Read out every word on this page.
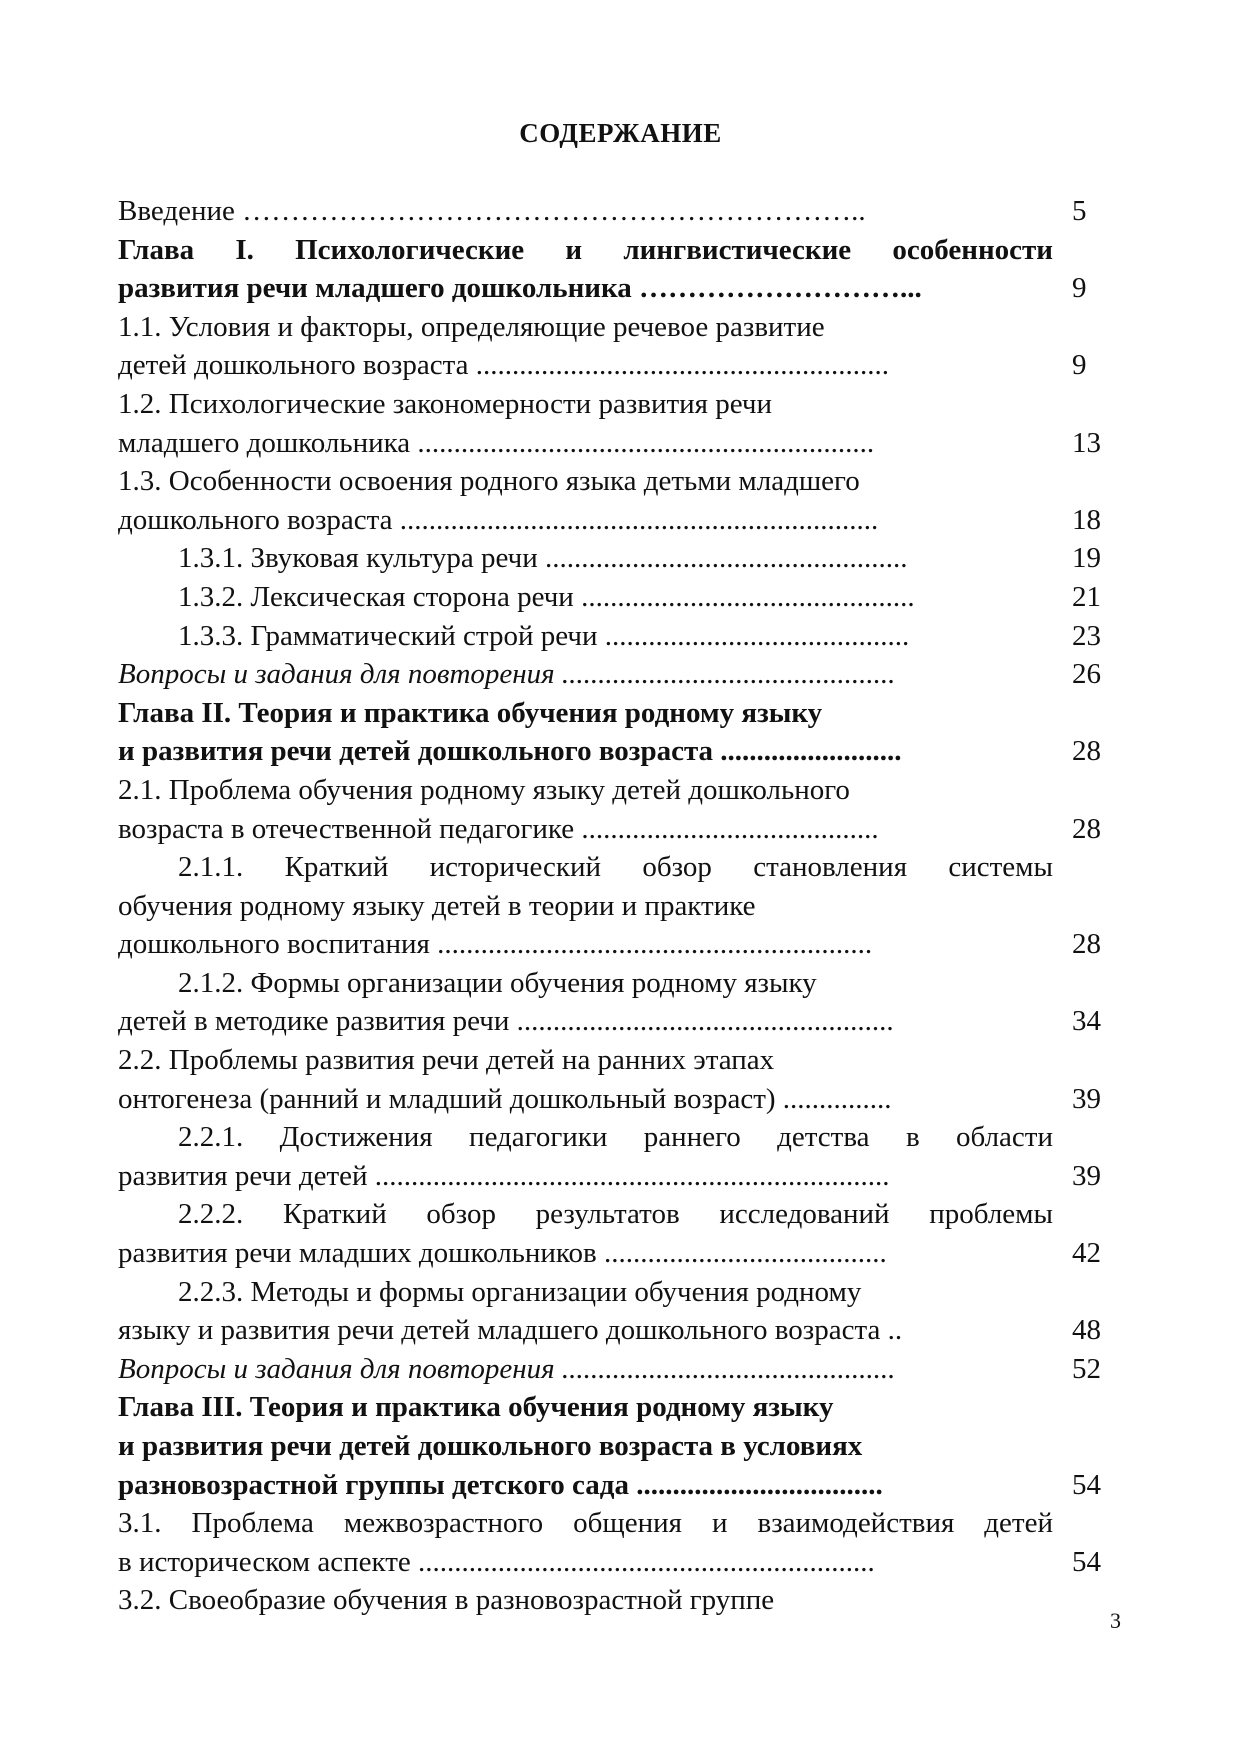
СОДЕРЖАНИЕ
Введение ………………………………………………………..	5
Глава I. Психологические и лингвистические особенности
развития речи младшего дошкольника ………………………...	9
1.1. Условия и факторы, определяющие речевое развитие
детей дошкольного возраста .........................................................	9
1.2. Психологические закономерности развития речи
младшего дошкольника ...............................................................	13
1.3. Особенности освоения родного языка детьми младшего
дошкольного возраста ..................................................................	18
1.3.1. Звуковая культура речи ..................................................	19
1.3.2. Лексическая сторона речи ..............................................	21
1.3.3. Грамматический строй речи ..........................................	23
Вопросы и задания для повторения ..............................................	26
Глава II. Теория и практика обучения родному языку
и развития речи детей дошкольного возраста .........................	28
2.1. Проблема обучения родному языку детей дошкольного
возраста в отечественной педагогике .........................................	28
2.1.1. Краткий исторический обзор становления системы
обучения родному языку детей в теории и практике
дошкольного воспитания ............................................................	28
2.1.2. Формы организации обучения родному языку
детей в методике развития речи ....................................................	34
2.2. Проблемы развития речи детей на ранних этапах
онтогенеза (ранний и младший дошкольный возраст) ...............	39
2.2.1. Достижения педагогики раннего детства в области
развития речи детей .......................................................................	39
2.2.2. Краткий обзор результатов исследований проблемы
развития речи младших дошкольников .......................................	42
2.2.3. Методы и формы организации обучения родному
языку и развития речи детей младшего дошкольного возраста ..	48
Вопросы и задания для повторения ..............................................	52
Глава III. Теория и практика обучения родному языку
и развития речи детей дошкольного возраста в условиях
разновозрастной группы детского сада ..................................	54
3.1. Проблема межвозрастного общения и взаимодействия детей
в историческом аспекте ...............................................................	54
3.2. Своеобразие обучения в разновозрастной группе
3
